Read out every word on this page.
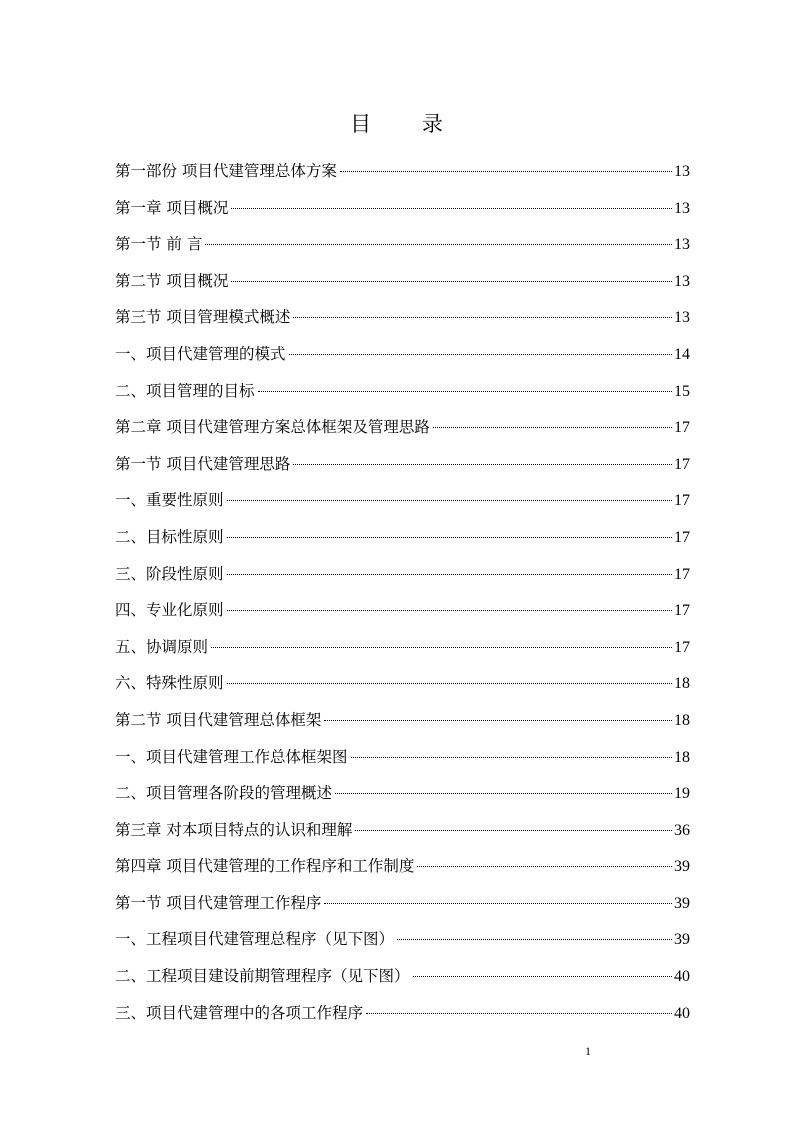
目 录
第一部份 项目代建管理总体方案	13
第一章 项目概况	13
第一节 前 言	13
第二节 项目概况	13
第三节 项目管理模式概述	13
一、项目代建管理的模式	14
二、项目管理的目标	15
第二章 项目代建管理方案总体框架及管理思路	17
第一节 项目代建管理思路	17
一、重要性原则	17
二、目标性原则	17
三、阶段性原则	17
四、专业化原则	17
五、协调原则	17
六、特殊性原则	18
第二节 项目代建管理总体框架	18
一、项目代建管理工作总体框架图	18
二、项目管理各阶段的管理概述	19
第三章 对本项目特点的认识和理解	36
第四章 项目代建管理的工作程序和工作制度	39
第一节 项目代建管理工作程序	39
一、工程项目代建管理总程序（见下图）	39
二、工程项目建设前期管理程序（见下图）	40
三、项目代建管理中的各项工作程序	40
1
